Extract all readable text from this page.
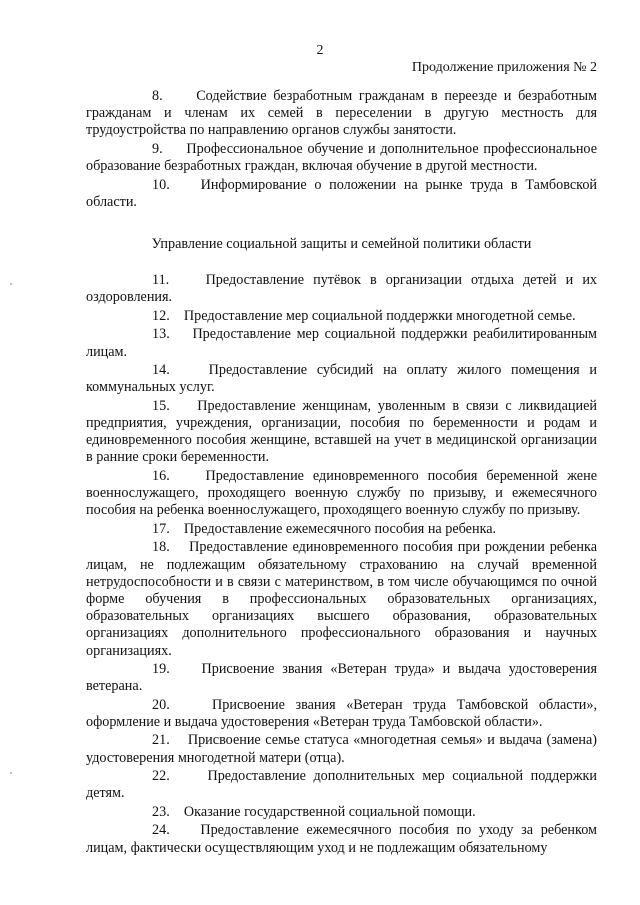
2
Продолжение приложения № 2

8. Содействие безработным гражданам в переезде и безработным гражданам и членам их семей в переселении в другую местность для трудоустройства по направлению органов службы занятости.

9. Профессиональное обучение и дополнительное профессиональное образование безработных граждан, включая обучение в другой местности.

10. Информирование о положении на рынке труда в Тамбовской области.

Управление социальной защиты и семейной политики области

11.	Предоставление путёвок в организации отдыха детей и их оздоровления.

12. Предоставление мер социальной поддержки многодетной семье.

13. Предоставление мер социальной поддержки реабилитированным лицам.

14.	Предоставление субсидий на оплату жилого помещения и коммунальных услуг.

15. Предоставление женщинам, уволенным в связи с ликвидацией предприятия, учреждения, организации, пособия по беременности и родам и единовременного пособия женщине, вставшей на учет в медицинской организации в ранние сроки беременности.

16.	Предоставление единовременного пособия беременной жене военнослужащего, проходящего военную службу по призыву, и ежемесячного пособия на ребенка военнослужащего, проходящего военную службу по призыву.

17. Предоставление ежемесячного пособия на ребенка.

18. Предоставление единовременного пособия при рождении ребенка лицам, не подлежащим обязательному страхованию на случай временной нетрудоспособности и в связи с материнством, в том числе обучающимся по очной форме обучения в профессиональных образовательных организациях, образовательных организациях высшего образования, образовательных организациях дополнительного профессионального образования и научных организациях.

19. Присвоение звания «Ветеран труда» и выдача удостоверения ветерана.

20.	Присвоение звания «Ветеран труда Тамбовской области», оформление и выдача удостоверения «Ветеран труда Тамбовской области».

21. Присвоение семье статуса «многодетная семья» и выдача (замена) удостоверения многодетной матери (отца).

22.	Предоставление дополнительных мер социальной поддержки детям.

23. Оказание государственной социальной помощи.

24. Предоставление ежемесячного пособия по уходу за ребенком лицам, фактически осуществляющим уход и не подлежащим обязательному
